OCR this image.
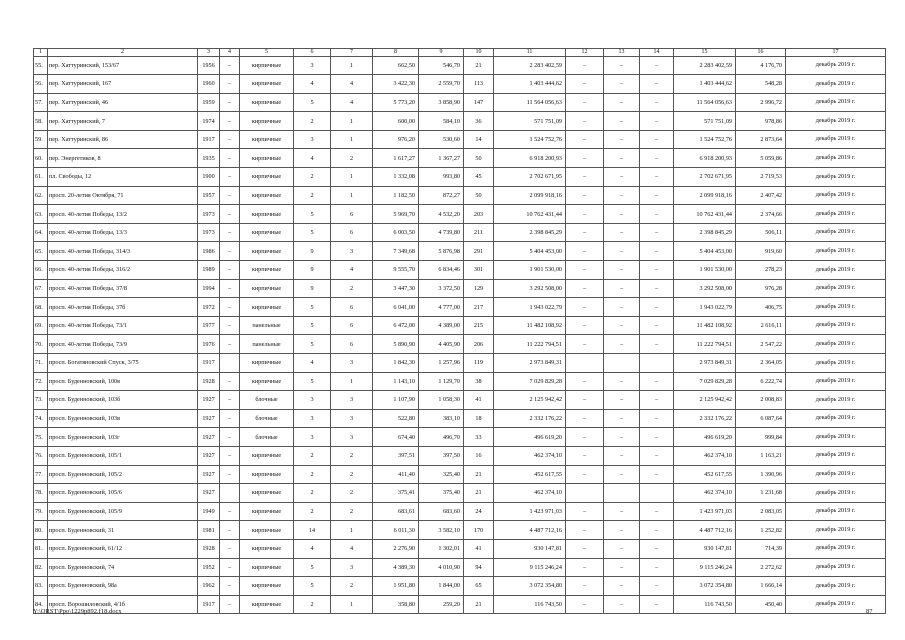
1	2	3	4	5	6	7	8	9	10	11	12	13	14	15	16	17
55.	пер. Хаттуринский, 153/67	1956	–	кирпичные	3	1	662,50	546,70	21	2 283 402,59	–	–	–	2 283 402,59	4 176,70	декабрь 2019 г.
56.	пер. Хаттуринский, 167	1960	–	кирпичные	4	4	3 422,30	2 559,70	113	1 403 444,62	–	–	–	1 403 444,62	548,28	декабрь 2019 г.
57.	пер. Хаттуринский, 46	1959	–	кирпичные	5	4	5 773,20	3 858,90	147	11 564 056,63	–	–	–	11 564 056,63	2 996,72	декабрь 2019 г.
58.	пер. Хаттуринский, 7	1974	–	кирпичные	2	1	600,00	584,10	36	571 751,09	–	–	–	571 751,09	978,86	декабрь 2019 г.
59.	пер. Хаттуринский, 86	1917	–	кирпичные	3	1	976,20	530,60	14	1 524 752,76	–	–	–	1 524 752,76	2 873,64	декабрь 2019 г.
60.	пер. Энергетиков, 8	1935	–	кирпичные	4	2	1 617,27	1 367,27	50	6 918 200,93	–	–	–	6 918 200,93	5 059,86	декабрь 2019 г.
61.	пл. Свободы, 12	1900	–	кирпичные	2	1	1 332,08	993,80	45	2 702 671,95	–	–	–	2 702 671,95	2 719,53	декабрь 2019 г.
62.	просп. 20-летия Октября, 71	1957	–	кирпичные	2	1	1 182,50	872,27	50	2 099 918,16	–	–	–	2 099 918,16	2 407,42	декабрь 2019 г.
63.	просп. 40-летия Победы, 13/2	1973	–	кирпичные	5	6	5 969,70	4 532,20	203	10 762 431,44	–	–	–	10 762 431,44	2 374,66	декабрь 2019 г.
64.	просп. 40-летия Победы, 13/3	1973	–	кирпичные	5	6	6 003,50	4 739,80	211	2 398 845,29	–	–	–	2 398 845,29	506,11	декабрь 2019 г.
65.	просп. 40-летия Победы, 314/3	1986	–	кирпичные	9	3	7 349,68	5 876,98	291	5 404 453,00	–	–	–	5 404 453,00	919,60	декабрь 2019 г.
66.	просп. 40-летия Победы, 316/2	1989	–	кирпичные	9	4	9 555,70	6 834,46	301	1 901 530,00	–	–	–	1 901 530,00	278,23	декабрь 2019 г.
67.	просп. 40-летия Победы, 37/8	1994	–	кирпичные	9	2	3 447,30	3 372,50	129	3 292 508,00	–	–	–	3 292 508,00	976,28	декабрь 2019 г.
68.	просп. 40-летия Победы, 37б	1972	–	кирпичные	5	6	6 041,00	4 777,00	217	1 943 022,79	–	–	–	1 943 022,79	406,75	декабрь 2019 г.
69.	просп. 40-летия Победы, 73/1	1977	–	панельные	5	6	6 472,00	4 389,00	215	11 482 108,92	–	–	–	11 482 108,92	2 616,11	декабрь 2019 г.
70.	просп. 40-летия Победы, 73/9	1976	–	панельные	5	6	5 890,90	4 405,90	206	11 222 794,51	–	–	–	11 222 794,51	2 547,22	декабрь 2019 г.
71.	просп. Богатяновский Спуск, 3/75	1917		кирпичные	4	3	1 842,30	1 257,96	119	2 973 849,31				2 973 849,31	2 364,05	декабрь 2019 г.
72.	просп. Буденновский, 100в	1928	–	кирпичные	5	1	1 143,10	1 129,70	38	7 029 829,28	–	–	–	7 029 829,28	6 222,74	декабрь 2019 г.
73.	просп. Буденновский, 103б	1927	–	блочные	3	3	1 107,90	1 058,30	41	2 125 942,42	–	–	–	2 125 942,42	2 008,83	декабрь 2019 г.
74.	просп. Буденновский, 103в	1927	–	блочные	3	3	522,80	383,10	18	2 332 176,22	–	–	–	2 332 176,22	6 087,64	декабрь 2019 г.
75.	просп. Буденновский, 103г	1927	–	блочные	3	3	674,40	496,70	33	496 619,20	–	–	–	496 619,20	999,84	декабрь 2019 г.
76.	просп. Буденновский, 105/1	1927	–	кирпичные	2	2	397,51	397,50	16	462 374,10	–	–	–	462 374,10	1 163,21	декабрь 2019 г.
77.	просп. Буденновский, 105/2	1927	–	кирпичные	2	2	411,40	325,40	21	452 617,55	–	–	–	452 617,55	1 390,96	декабрь 2019 г.
78.	просп. Буденновский, 105/6	1927		кирпичные	2	2	375,41	375,40	21	462 374,10				462 374,10	1 231,68	декабрь 2019 г.
79.	просп. Буденновский, 105/9	1949	–	кирпичные	2	2	683,61	683,60	24	1 423 971,03	–	–	–	1 423 971,03	2 083,05	декабрь 2019 г.
80.	просп. Буденновский, 31	1981	–	кирпичные	14	1	6 011,30	3 582,10	170	4 487 712,16	–	–	–	4 487 712,16	1 252,82	декабрь 2019 г.
81.	просп. Буденновский, 61/12	1928	–	кирпичные	4	4	2 276,90	1 302,01	41	930 147,81	–	–	–	930 147,81	714,39	декабрь 2019 г.
82.	просп. Буденновский, 74	1952	–	кирпичные	5	3	4 389,30	4 010,90	94	9 115 246,24	–	–	–	9 115 246,24	2 272,62	декабрь 2019 г.
83.	просп. Буденновский, 98а	1962	–	кирпичные	5	2	1 951,80	1 844,00	65	3 072 354,80	–	–	–	3 072 354,80	1 666,14	декабрь 2019 г.
84.	просп. Ворошиловский, 4/1б	1917	–	кирпичные	2	1	358,80	259,20	21	116 743,50	–	–	–	116 743,50	450,40	декабрь 2019 г.
Y:\ORST\Ppo\1229p892.f18.docx	87
